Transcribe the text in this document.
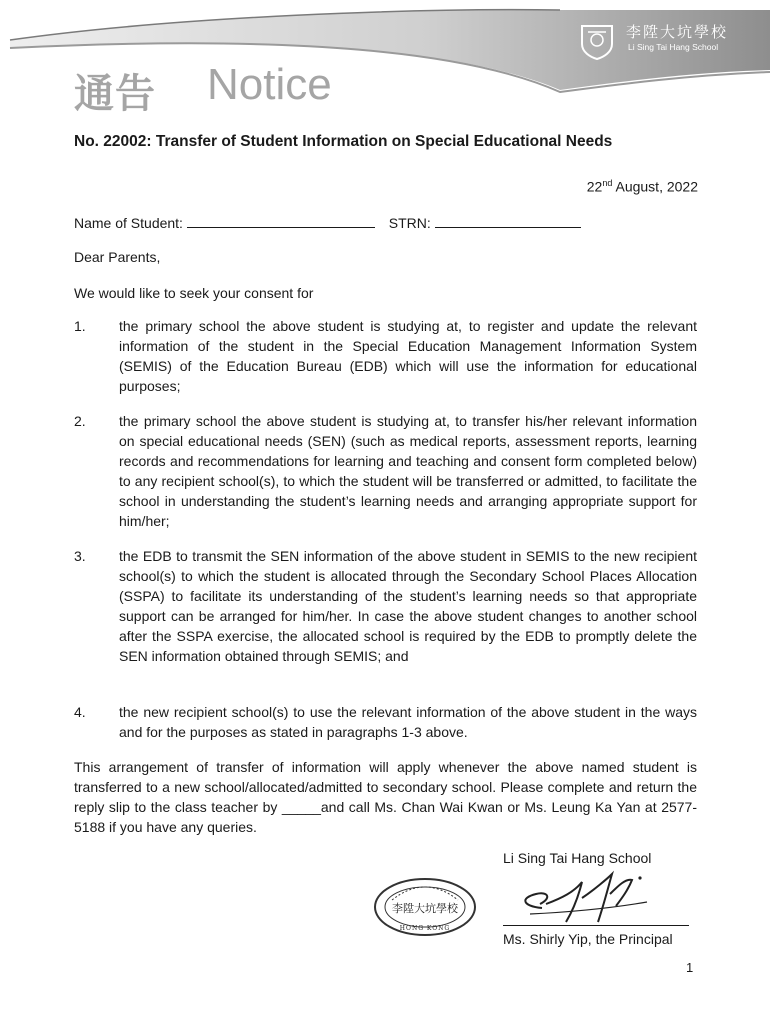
李陞大坑學校
Li Sing Tai Hang School
通告 Notice
No. 22002: Transfer of Student Information on Special Educational Needs
22nd August, 2022
Name of Student:	STRN:
Dear Parents,
We would like to seek your consent for
1.	the primary school the above student is studying at, to register and update the relevant information of the student in the Special Education Management Information System (SEMIS) of the Education Bureau (EDB) which will use the information for educational purposes;
2.	the primary school the above student is studying at, to transfer his/her relevant information on special educational needs (SEN) (such as medical reports, assessment reports, learning records and recommendations for learning and teaching and consent form completed below) to any recipient school(s), to which the student will be transferred or admitted, to facilitate the school in understanding the student’s learning needs and arranging appropriate support for him/her;
3.	the EDB to transmit the SEN information of the above student in SEMIS to the new recipient school(s) to which the student is allocated through the Secondary School Places Allocation (SSPA) to facilitate its understanding of the student’s learning needs so that appropriate support can be arranged for him/her. In case the above student changes to another school after the SSPA exercise, the allocated school is required by the EDB to promptly delete the SEN information obtained through SEMIS; and
4.	the new recipient school(s) to use the relevant information of the above student in the ways and for the purposes as stated in paragraphs 1-3 above.
This arrangement of transfer of information will apply whenever the above named student is transferred to a new school/allocated/admitted to secondary school. Please complete and return the reply slip to the class teacher by _____and call Ms. Chan Wai Kwan or Ms. Leung Ka Yan at 2577-5188 if you have any queries.
Li Sing Tai Hang School
李陞大坑學校
HONG KONG
Ms. Shirly Yip, the Principal
1
